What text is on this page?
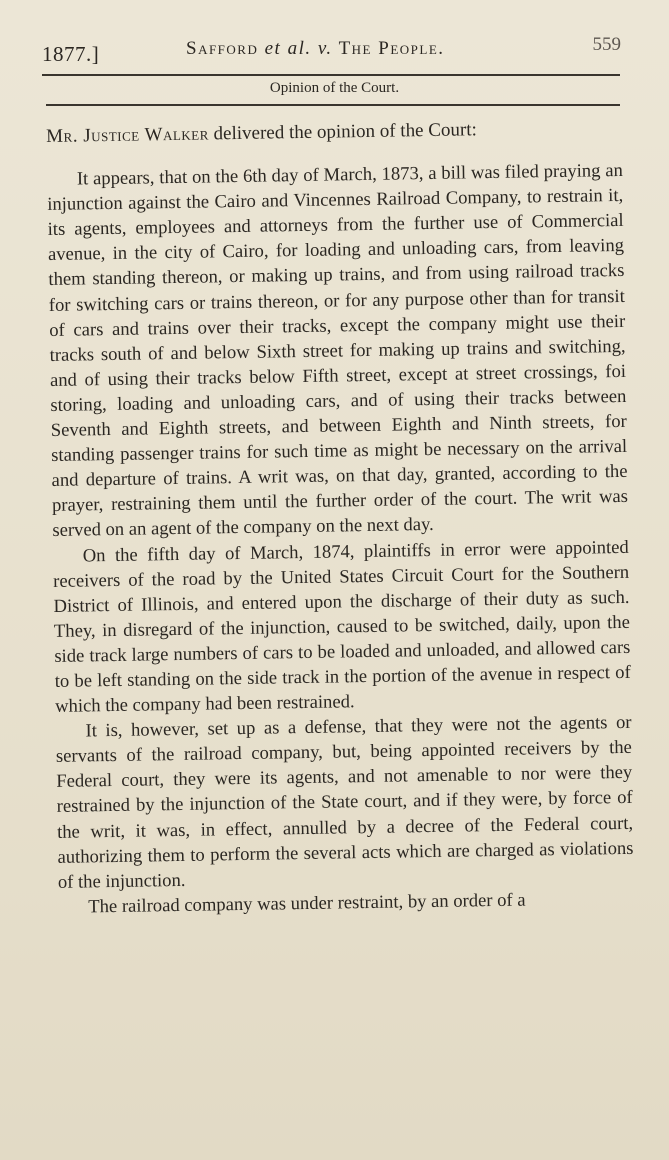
1877.]	Safford et al. v. The People.	559
Opinion of the Court.

Mr. Justice Walker delivered the opinion of the Court:

It appears, that on the 6th day of March, 1873, a bill was filed praying an injunction against the Cairo and Vincennes Railroad Company, to restrain it, its agents, employees and attorneys from the further use of Commercial avenue, in the city of Cairo, for loading and unloading cars, from leaving them standing thereon, or making up trains, and from using railroad tracks for switching cars or trains thereon, or for any purpose other than for transit of cars and trains over their tracks, except the company might use their tracks south of and below Sixth street for making up trains and switching, and of using their tracks below Fifth street, except at street crossings, foi storing, loading and unloading cars, and of using their tracks between Seventh and Eighth streets, and between Eighth and Ninth streets, for standing passenger trains for such time as might be necessary on the arrival and departure of trains. A writ was, on that day, granted, according to the prayer, restraining them until the further order of the court. The writ was served on an agent of the company on the next day.

On the fifth day of March, 1874, plaintiffs in error were appointed receivers of the road by the United States Circuit Court for the Southern District of Illinois, and entered upon the discharge of their duty as such. They, in disregard of the injunction, caused to be switched, daily, upon the side track large numbers of cars to be loaded and unloaded, and allowed cars to be left standing on the side track in the portion of the avenue in respect of which the company had been restrained.

It is, however, set up as a defense, that they were not the agents or servants of the railroad company, but, being appointed receivers by the Federal court, they were its agents, and not amenable to nor were they restrained by the injunction of the State court, and if they were, by force of the writ, it was, in effect, annulled by a decree of the Federal court, authorizing them to perform the several acts which are charged as violations of the injunction.

The railroad company was under restraint, by an order of a
